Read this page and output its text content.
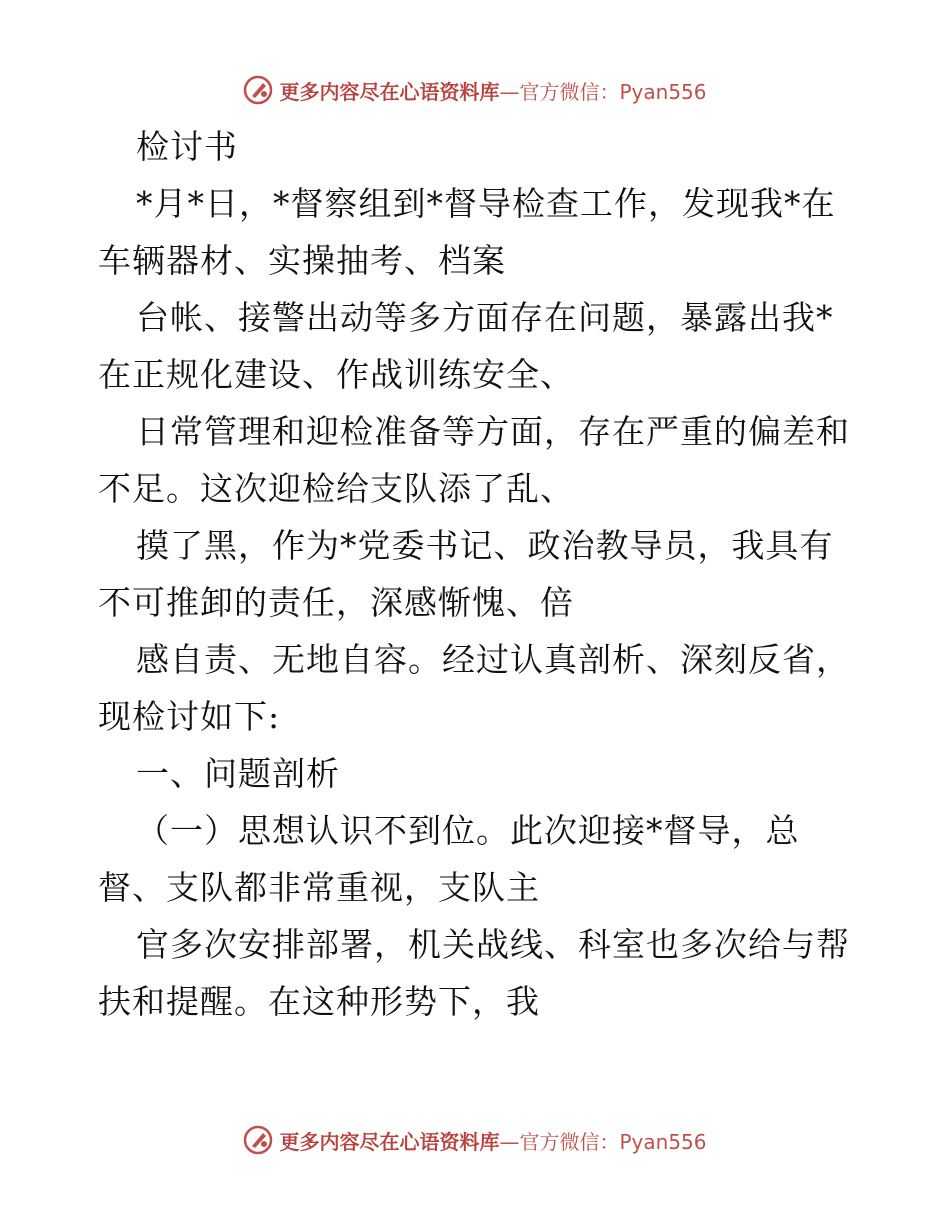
更多内容尽在心语资料库—官方微信：Pyan556
检讨书
*月*日，*督察组到*督导检查工作，发现我*在
车辆器材、实操抽考、档案
台帐、接警出动等多方面存在问题，暴露出我*
在正规化建设、作战训练安全、
日常管理和迎检准备等方面，存在严重的偏差和
不足。这次迎检给支队添了乱、
摸了黑，作为*党委书记、政治教导员，我具有
不可推卸的责任，深感惭愧、倍
感自责、无地自容。经过认真剖析、深刻反省，
现检讨如下:
一、问题剖析
（一）思想认识不到位。此次迎接*督导，总
督、支队都非常重视，支队主
官多次安排部署，机关战线、科室也多次给与帮
扶和提醒。在这种形势下，我
更多内容尽在心语资料库—官方微信：Pyan556
